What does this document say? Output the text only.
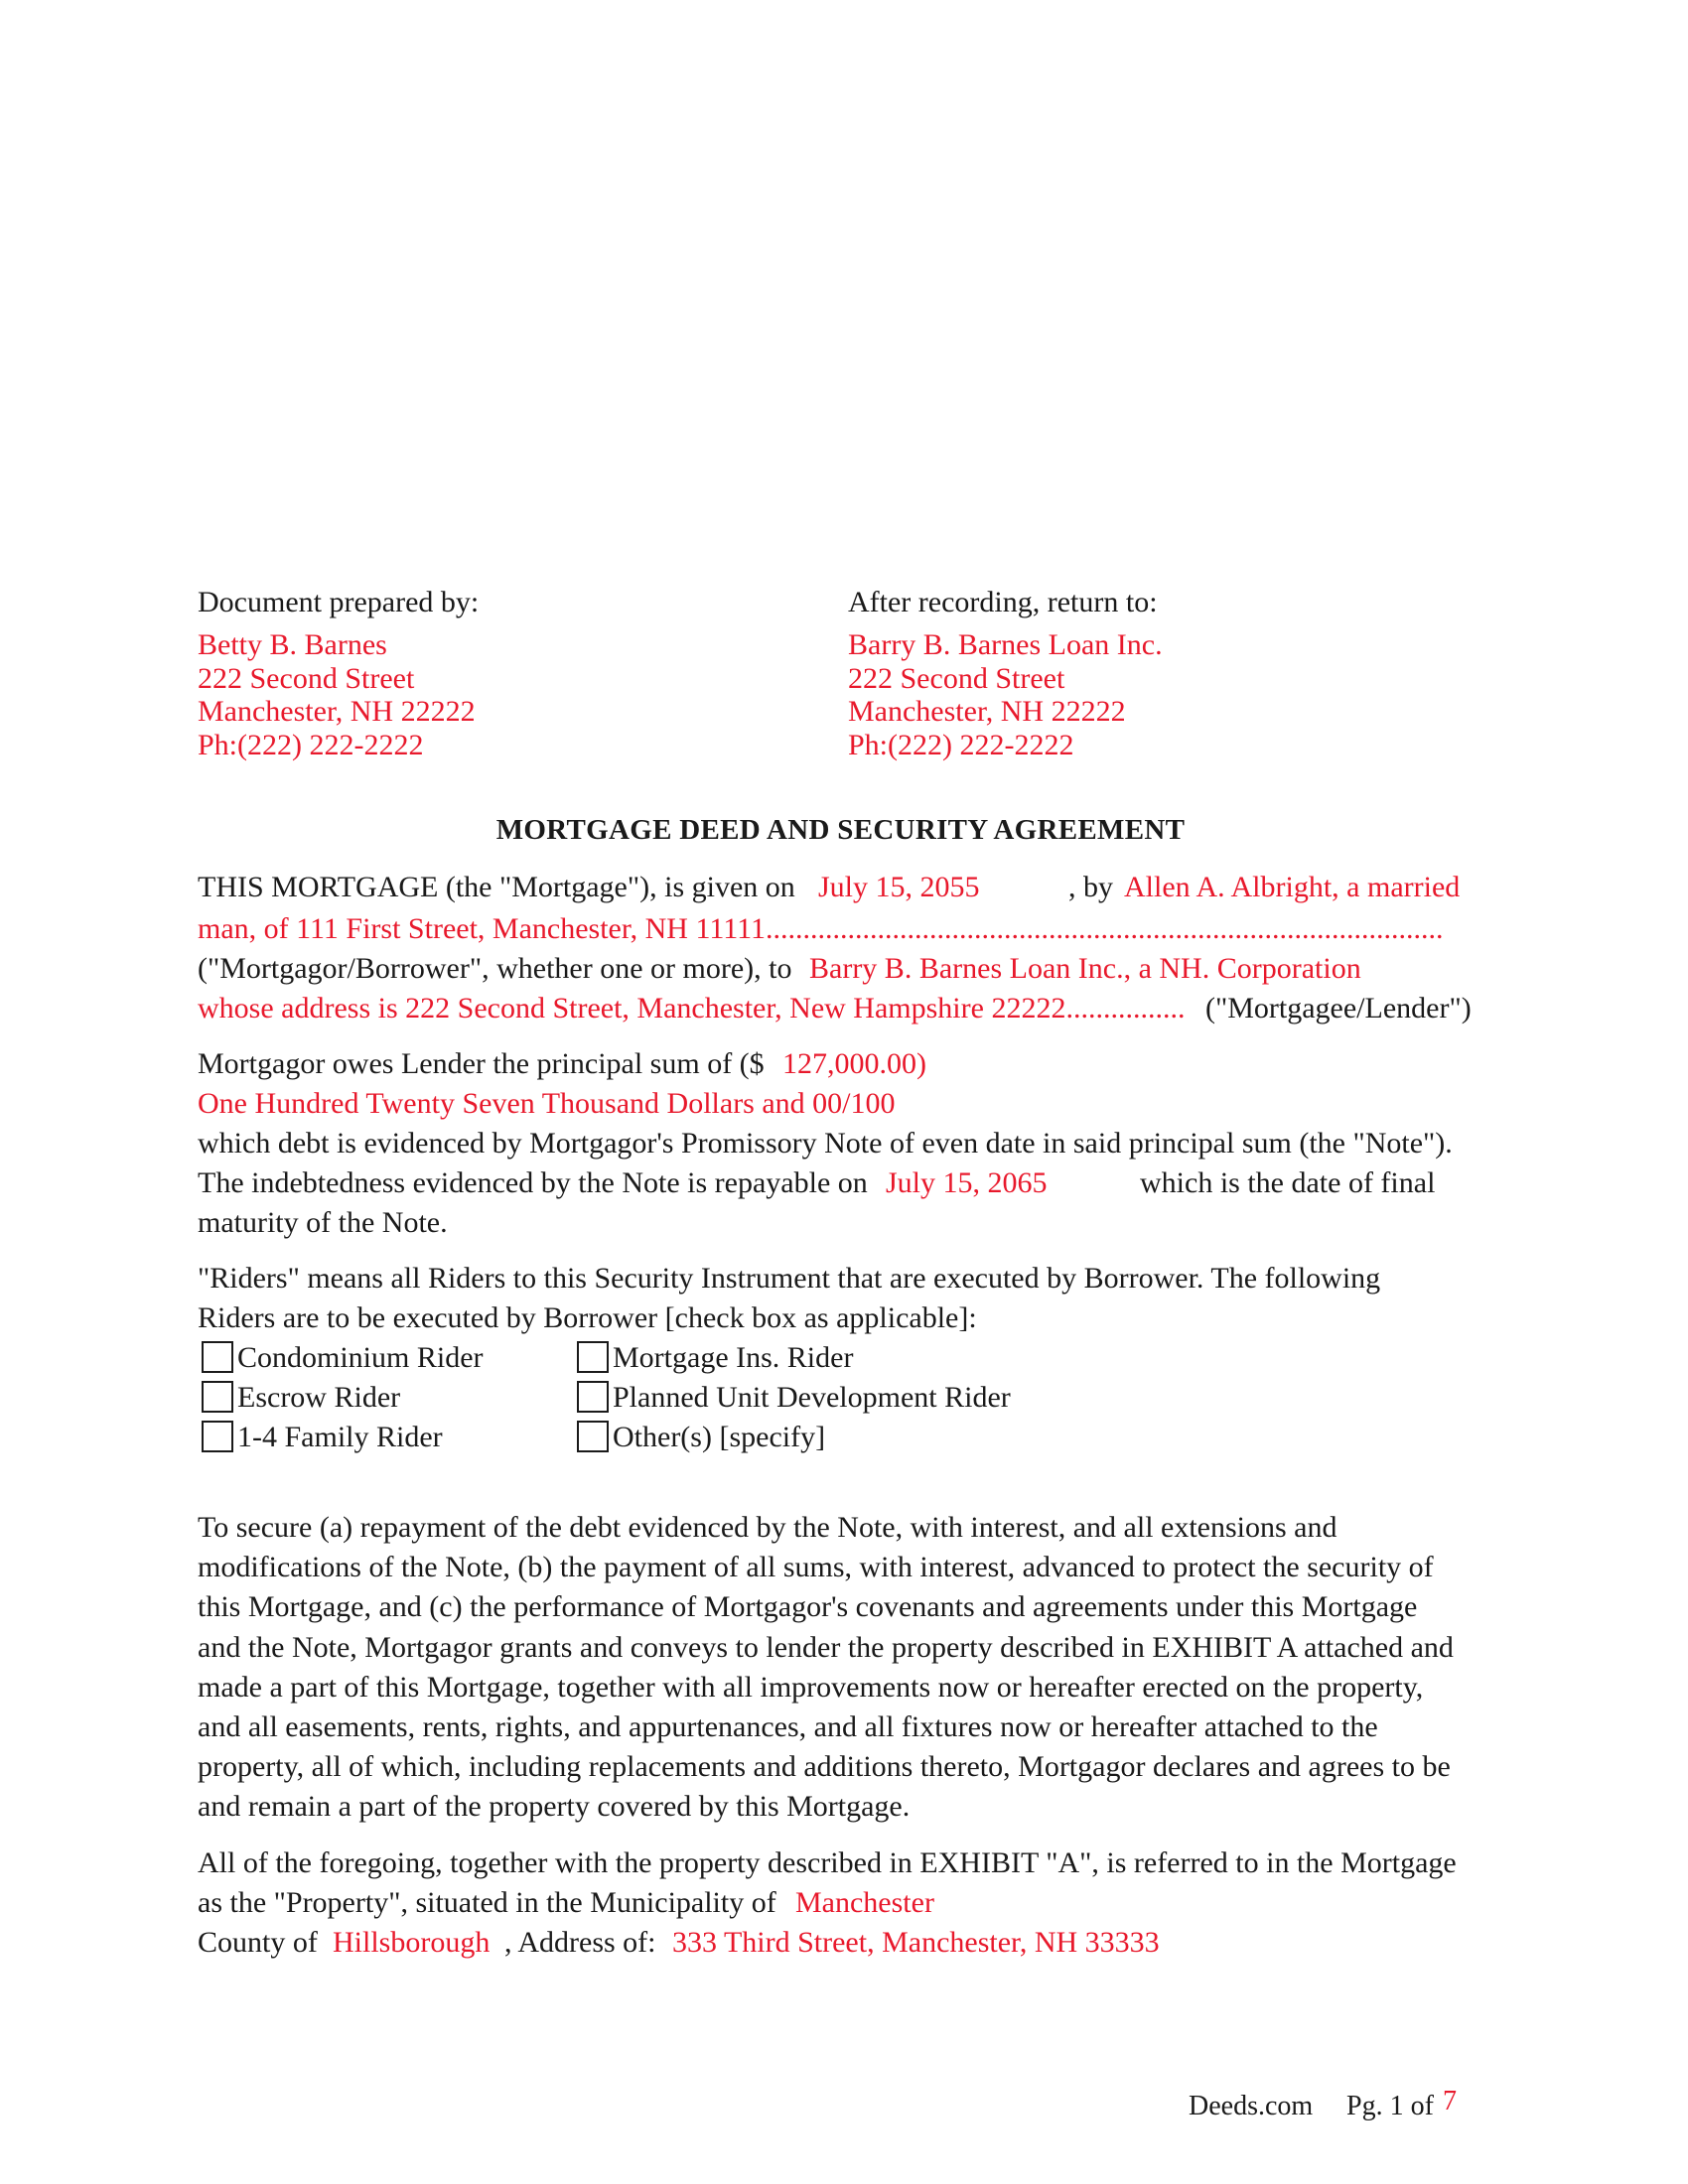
Document prepared by:
Betty B. Barnes
222 Second Street
Manchester, NH 22222
Ph:(222) 222-2222
After recording, return to:
Barry B. Barnes Loan Inc.
222 Second Street
Manchester, NH 22222
Ph:(222) 222-2222
MORTGAGE DEED AND SECURITY AGREEMENT
THIS MORTGAGE (the "Mortgage"), is given on July 15, 2055	, by Allen A. Albright, a married
man, of 111 First Street, Manchester, NH 11111...........................................................................................
("Mortgagor/Borrower", whether one or more), to Barry B. Barnes Loan Inc., a NH. Corporation
whose address is 222 Second Street, Manchester, New Hampshire 22222................ ("Mortgagee/Lender")
Mortgagor owes Lender the principal sum of ($ 127,000.00)
One Hundred Twenty Seven Thousand Dollars and 00/100
which debt is evidenced by Mortgagor's Promissory Note of even date in said principal sum (the "Note").
The indebtedness evidenced by the Note is repayable on July 15, 2065	which is the date of final
maturity of the Note.
"Riders" means all Riders to this Security Instrument that are executed by Borrower. The following
Riders are to be executed by Borrower [check box as applicable]:
Condominium Rider
Escrow Rider
1-4 Family Rider
Mortgage Ins. Rider
Planned Unit Development Rider
Other(s) [specify]
To secure (a) repayment of the debt evidenced by the Note, with interest, and all extensions and
modifications of the Note, (b) the payment of all sums, with interest, advanced to protect the security of
this Mortgage, and (c) the performance of Mortgagor's covenants and agreements under this Mortgage
and the Note, Mortgagor grants and conveys to lender the property described in EXHIBIT A attached and
made a part of this Mortgage, together with all improvements now or hereafter erected on the property,
and all easements, rents, rights, and appurtenances, and all fixtures now or hereafter attached to the
property, all of which, including replacements and additions thereto, Mortgagor declares and agrees to be
and remain a part of the property covered by this Mortgage.
All of the foregoing, together with the property described in EXHIBIT "A", is referred to in the Mortgage
as the "Property", situated in the Municipality of Manchester
County of Hillsborough , Address of: 333 Third Street, Manchester, NH 33333
Deeds.com Pg. 1 of 7
